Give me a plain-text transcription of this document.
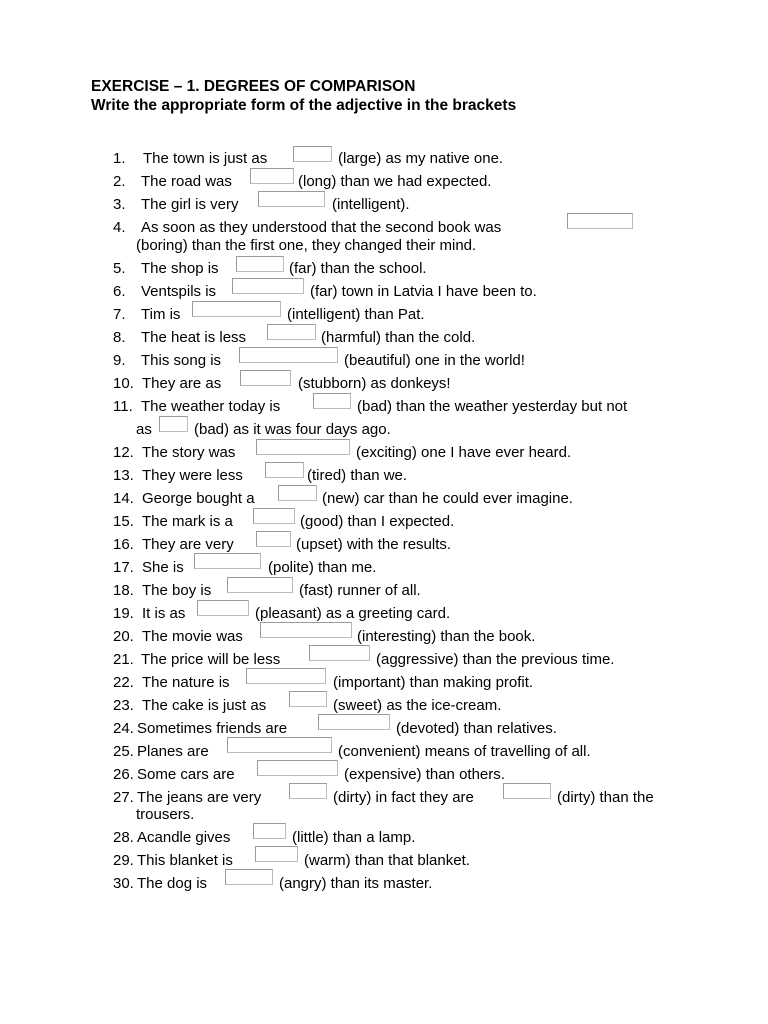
EXERCISE – 1. DEGREES OF COMPARISON
Write the appropriate form of the adjective in the brackets
1. The town is just as	(large) as my native one.
2. The road was	(long) than we had expected.
3. The girl is very	(intelligent).
4. As soon as they understood that the second book was
(boring) than the first one, they changed their mind.
5. The shop is	(far) than the school.
6. Ventspils is	(far) town in Latvia I have been to.
7. Tim is	(intelligent) than Pat.
8. The heat is less	(harmful) than the cold.
9. This song is	(beautiful) one in the world!
10. They are as	(stubborn) as donkeys!
11. The weather today is	(bad) than the weather yesterday but not
as	(bad) as it was four days ago.
12. The story was	(exciting) one I have ever heard.
13. They were less	(tired) than we.
14. George bought a	(new) car than he could ever imagine.
15. The mark is a	(good) than I expected.
16. They are very	(upset) with the results.
17. She is	(polite) than me.
18. The boy is	(fast) runner of all.
19. It is as	(pleasant) as a greeting card.
20. The movie was	(interesting) than the book.
21. The price will be less	(aggressive) than the previous time.
22. The nature is	(important) than making profit.
23. The cake is just as	(sweet) as the ice-cream.
24. Sometimes friends are	(devoted) than relatives.
25. Planes are	(convenient) means of travelling of all.
26. Some cars are	(expensive) than others.
27. The jeans are very	(dirty) in fact they are	(dirty) than the
trousers.
28. Acandle gives	(little) than a lamp.
29. This blanket is	(warm) than that blanket.
30. The dog is	(angry) than its master.
